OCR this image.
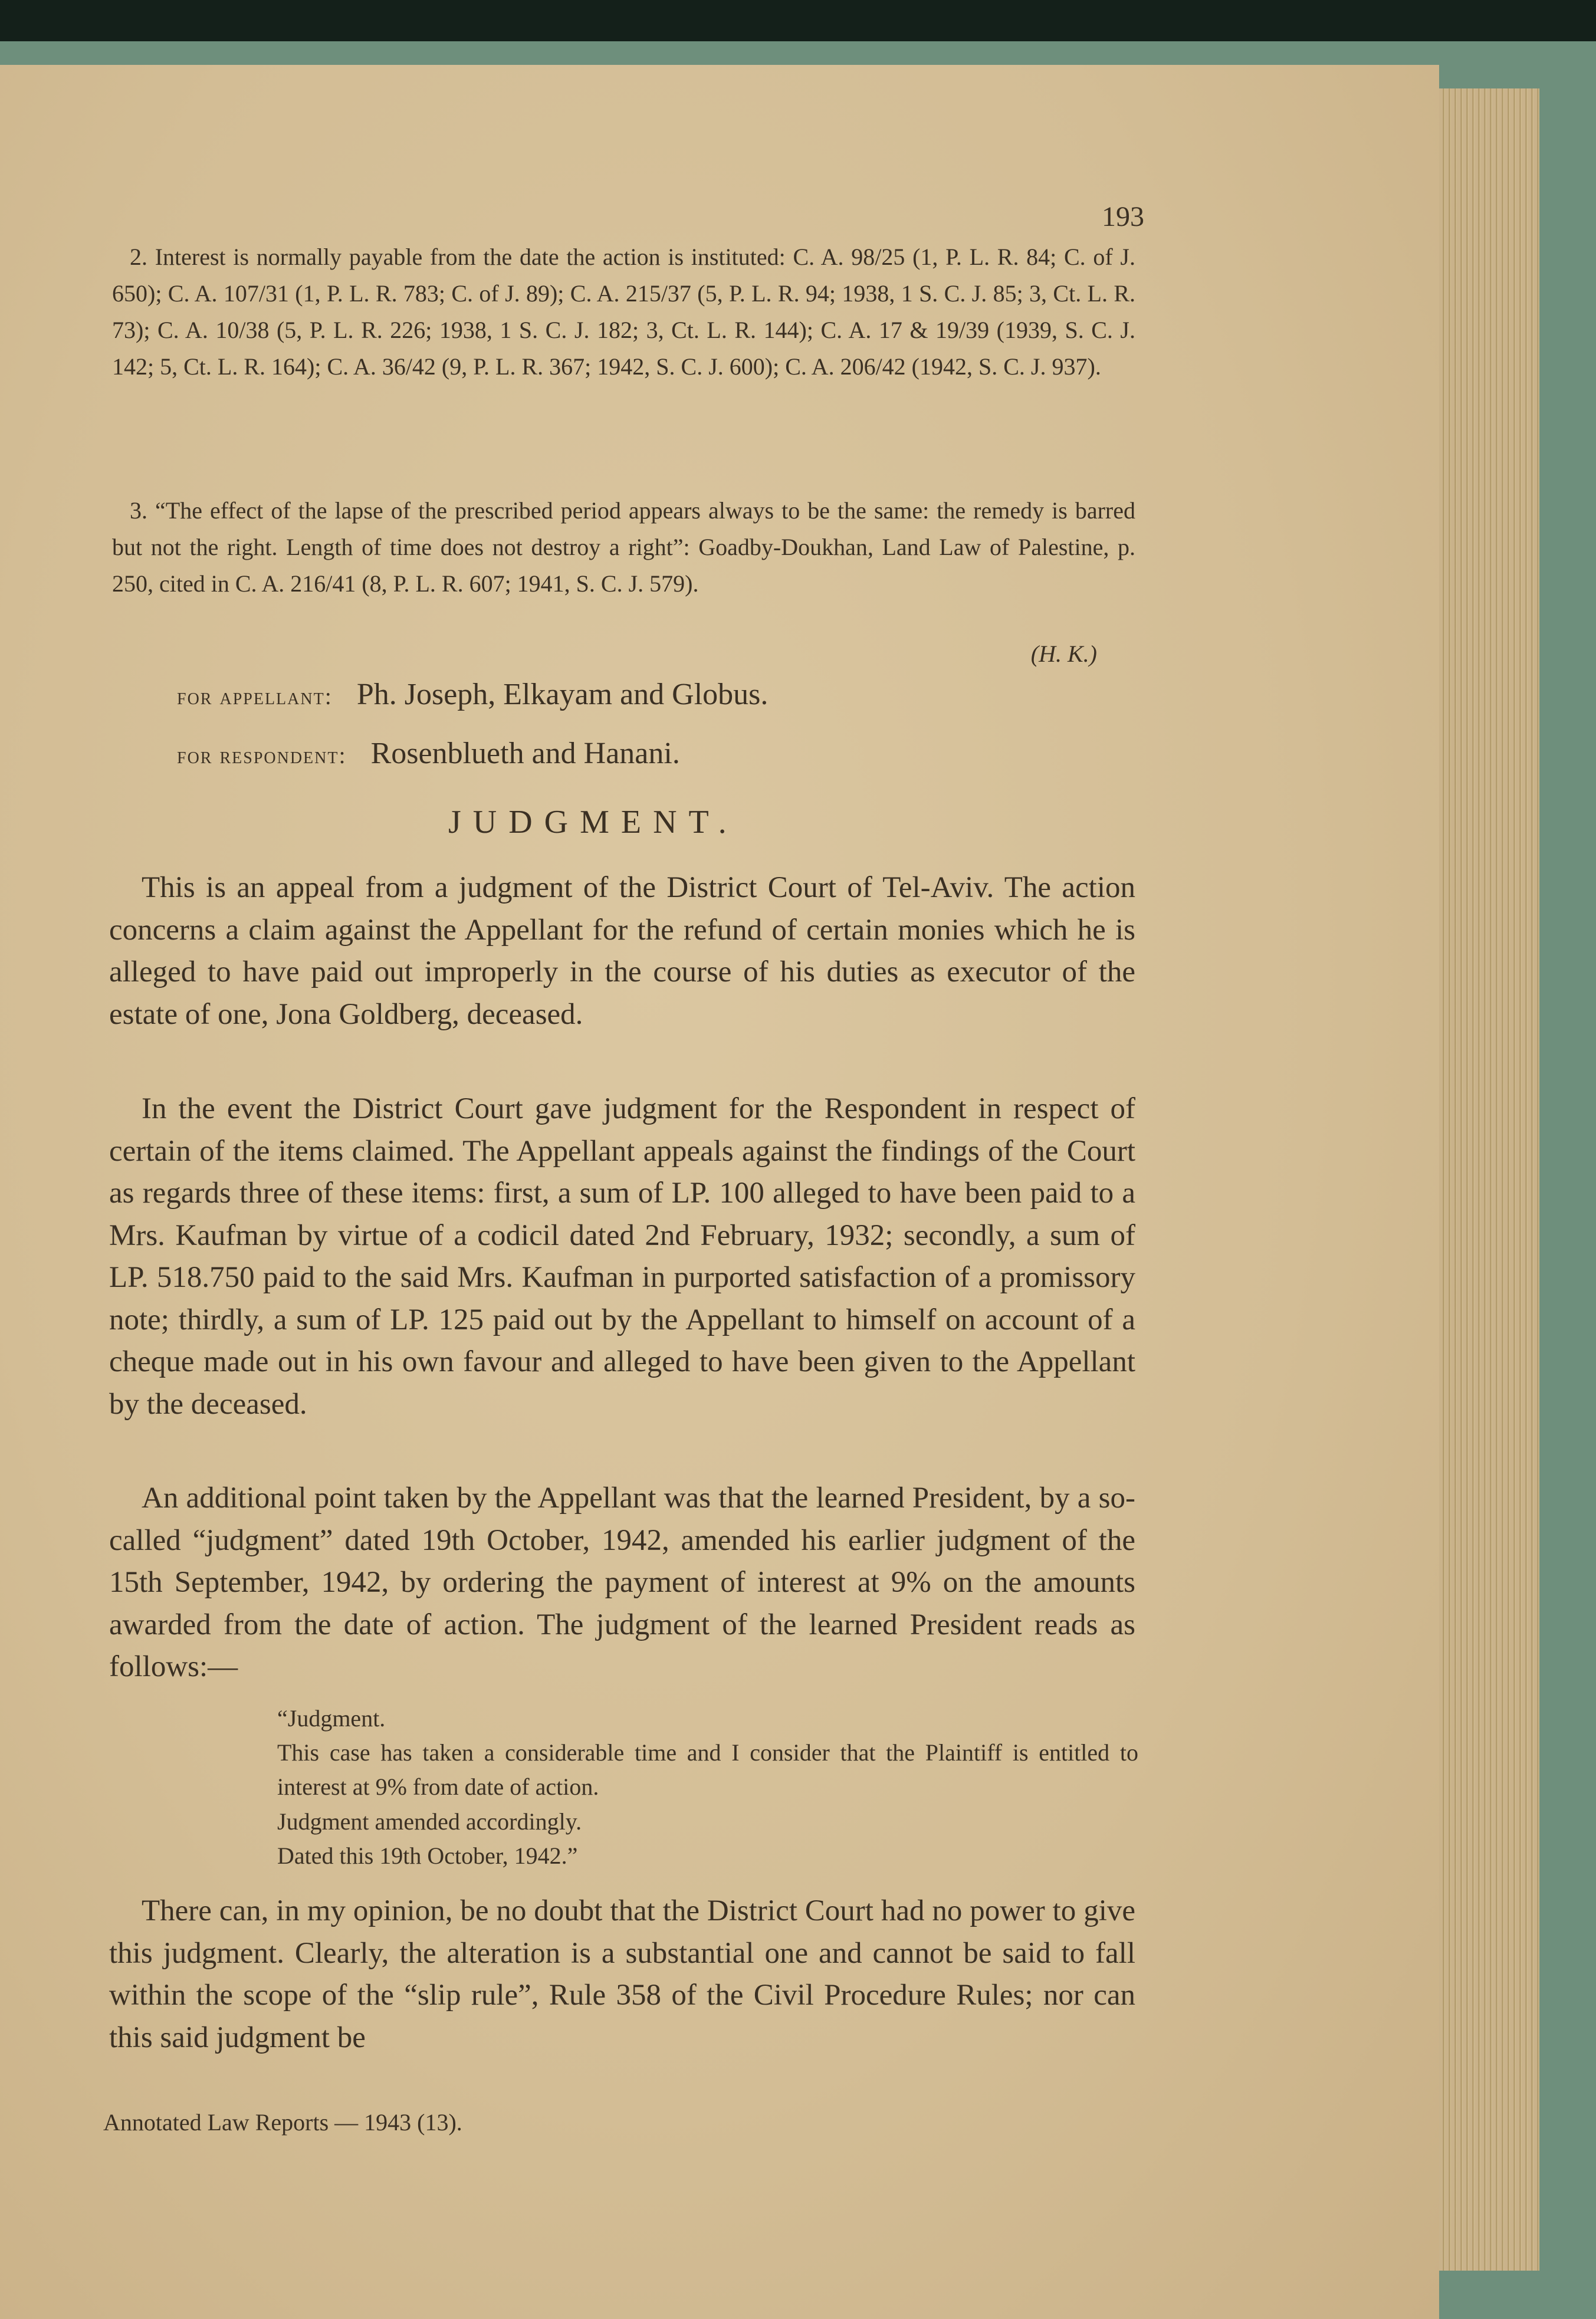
193

2. Interest is normally payable from the date the action is instituted: C. A. 98/25 (1, P. L. R. 84; C. of J. 650); C. A. 107/31 (1, P. L. R. 783; C. of J. 89); C. A. 215/37 (5, P. L. R. 94; 1938, 1 S. C. J. 85; 3, Ct. L. R. 73); C. A. 10/38 (5, P. L. R. 226; 1938, 1 S. C. J. 182; 3, Ct. L. R. 144); C. A. 17 & 19/39 (1939, S. C. J. 142; 5, Ct. L. R. 164); C. A. 36/42 (9, P. L. R. 367; 1942, S. C. J. 600); C. A. 206/42 (1942, S. C. J. 937).

3. “The effect of the lapse of the prescribed period appears always to be the same: the remedy is barred but not the right. Length of time does not destroy a right”: Goadby-Doukhan, Land Law of Palestine, p. 250, cited in C. A. 216/41 (8, P. L. R. 607; 1941, S. C. J. 579).

(H. K.)
for appellant: Ph. Joseph, Elkayam and Globus.
for respondent: Rosenblueth and Hanani.
JUDGMENT.

This is an appeal from a judgment of the District Court of Tel-Aviv. The action concerns a claim against the Appellant for the refund of certain monies which he is alleged to have paid out improperly in the course of his duties as executor of the estate of one, Jona Goldberg, deceased.

In the event the District Court gave judgment for the Respondent in respect of certain of the items claimed. The Appellant appeals against the findings of the Court as regards three of these items: first, a sum of LP. 100 alleged to have been paid to a Mrs. Kaufman by virtue of a codicil dated 2nd February, 1932; secondly, a sum of LP. 518.750 paid to the said Mrs. Kaufman in purported satisfaction of a promissory note; thirdly, a sum of LP. 125 paid out by the Appellant to himself on account of a cheque made out in his own favour and alleged to have been given to the Appellant by the deceased.

An additional point taken by the Appellant was that the learned President, by a so-called “judgment” dated 19th October, 1942, amended his earlier judgment of the 15th September, 1942, by ordering the payment of interest at 9% on the amounts awarded from the date of action. The judgment of the learned President reads as follows:—

“Judgment.
This case has taken a considerable time and I consider that the Plaintiff is entitled to interest at 9% from date of action.
Judgment amended accordingly.
Dated this 19th October, 1942.”

There can, in my opinion, be no doubt that the District Court had no power to give this judgment. Clearly, the alteration is a substantial one and cannot be said to fall within the scope of the “slip rule”, Rule 358 of the Civil Procedure Rules; nor can this said judgment be

Annotated Law Reports — 1943 (13).
